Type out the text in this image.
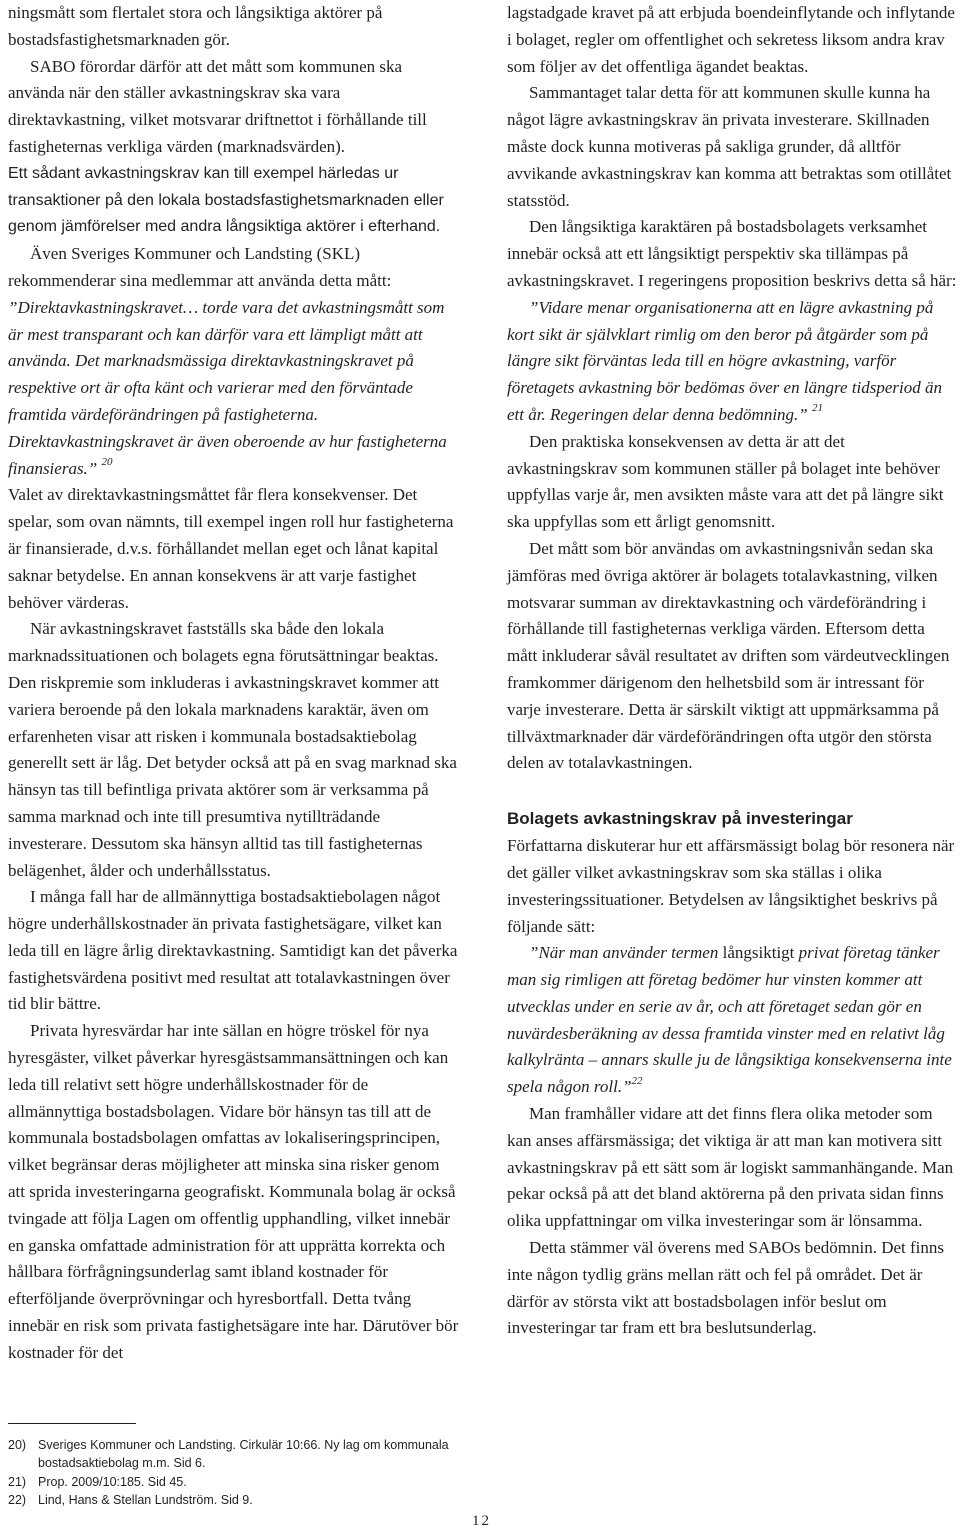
ningsmått som flertalet stora och långsiktiga aktörer på bostadsfastighetsmarknaden gör.

SABO förordar därför att det mått som kommunen ska använda när den ställer avkastningskrav ska vara direktavkastning, vilket motsvarar driftnettot i förhållande till fastigheternas verkliga värden (marknadsvärden).

Ett sådant avkastningskrav kan till exempel härledas ur transaktioner på den lokala bostadsfastighetsmarknaden eller genom jämförelser med andra långsiktiga aktörer i efterhand.

Även Sveriges Kommuner och Landsting (SKL) rekommenderar sina medlemmar att använda detta mått:

”Direktavkastningskravet… torde vara det avkastningsmått som är mest transparant och kan därför vara ett lämpligt mått att använda. Det marknadsmässiga direktavkastningskravet på respektive ort är ofta känt och varierar med den förväntade framtida värdeförändringen på fastigheterna. Direktavkastningskravet är även oberoende av hur fastigheterna finansieras.” $^{20}$

Valet av direktavkastningsmåttet får flera konsekvenser. Det spelar, som ovan nämnts, till exempel ingen roll hur fastigheterna är finansierade, d.v.s. förhållandet mellan eget och lånat kapital saknar betydelse. En annan konsekvens är att varje fastighet behöver värderas.

När avkastningskravet fastställs ska både den lokala marknadssituationen och bolagets egna förutsättningar beaktas. Den riskpremie som inkluderas i avkastningskravet kommer att variera beroende på den lokala marknadens karaktär, även om erfarenheten visar att risken i kommunala bostadsaktiebolag generellt sett är låg. Det betyder också att på en svag marknad ska hänsyn tas till befintliga privata aktörer som är verksamma på samma marknad och inte till presumtiva nytillträdande investerare. Dessutom ska hänsyn alltid tas till fastigheternas belägenhet, ålder och underhållsstatus.

I många fall har de allmännyttiga bostadsaktiebolagen något högre underhållskostnader än privata fastighetsägare, vilket kan leda till en lägre årlig direktavkastning. Samtidigt kan det påverka fastighetsvärdena positivt med resultat att totalavkastningen över tid blir bättre.

Privata hyresvärdar har inte sällan en högre tröskel för nya hyresgäster, vilket påverkar hyresgästsammansättningen och kan leda till relativt sett högre underhållskostnader för de allmännyttiga bostadsbolagen. Vidare bör hänsyn tas till att de kommunala bostadsbolagen omfattas av lokaliseringsprincipen, vilket begränsar deras möjligheter att minska sina risker genom att sprida investeringarna geografiskt. Kommunala bolag är också tvingade att följa Lagen om offentlig upphandling, vilket innebär en ganska omfattade administration för att upprätta korrekta och hållbara förfrågningsunderlag samt ibland kostnader för efterföljande överprövningar och hyresbortfall. Detta tvång innebär en risk som privata fastighetsägare inte har. Därutöver bör kostnader för det

lagstadgade kravet på att erbjuda boendeinflytande och inflytande i bolaget, regler om offentlighet och sekretess liksom andra krav som följer av det offentliga ägandet beaktas.

Sammantaget talar detta för att kommunen skulle kunna ha något lägre avkastningskrav än privata investerare. Skillnaden måste dock kunna motiveras på sakliga grunder, då alltför avvikande avkastningskrav kan komma att betraktas som otillåtet statsstöd.

Den långsiktiga karaktären på bostadsbolagets verksamhet innebär också att ett långsiktigt perspektiv ska tillämpas på avkastningskravet. I regeringens proposition beskrivs detta så här:

”Vidare menar organisationerna att en lägre avkastning på kort sikt är självklart rimlig om den beror på åtgärder som på längre sikt förväntas leda till en högre avkastning, varför företagets avkastning bör bedömas över en längre tidsperiod än ett år. Regeringen delar denna bedömning.” $^{21}$

Den praktiska konsekvensen av detta är att det avkastningskrav som kommunen ställer på bolaget inte behöver uppfyllas varje år, men avsikten måste vara att det på längre sikt ska uppfyllas som ett årligt genomsnitt.

Det mått som bör användas om avkastningsnivån sedan ska jämföras med övriga aktörer är bolagets totalavkastning, vilken motsvarar summan av direktavkastning och värdeförändring i förhållande till fastigheternas verkliga värden. Eftersom detta mått inkluderar såväl resultatet av driften som värdeutvecklingen framkommer därigenom den helhetsbild som är intressant för varje investerare. Detta är särskilt viktigt att uppmärksamma på tillväxtmarknader där värdeförändringen ofta utgör den största delen av totalavkastningen.

Bolagets avkastningskrav på investeringar

Författarna diskuterar hur ett affärsmässigt bolag bör resonera när det gäller vilket avkastningskrav som ska ställas i olika investeringssituationer. Betydelsen av långsiktighet beskrivs på följande sätt:

”När man använder termen långsiktigt privat företag tänker man sig rimligen att företag bedömer hur vinsten kommer att utvecklas under en serie av år, och att företaget sedan gör en nuvärdesberäkning av dessa framtida vinster med en relativt låg kalkylränta – annars skulle ju de långsiktiga konsekvenserna inte spela någon roll.”$^{22}$

Man framhåller vidare att det finns flera olika metoder som kan anses affärsmässiga; det viktiga är att man kan motivera sitt avkastningskrav på ett sätt som är logiskt sammanhängande. Man pekar också på att det bland aktörerna på den privata sidan finns olika uppfattningar om vilka investeringar som är lönsamma.

Detta stämmer väl överens med SABOs bedömnin. Det finns inte någon tydlig gräns mellan rätt och fel på området. Det är därför av största vikt att bostadsbolagen inför beslut om investeringar tar fram ett bra beslutsunderlag.

20) Sveriges Kommuner och Landsting. Cirkulär 10:66. Ny lag om kommunala bostadsaktiebolag m.m. Sid 6.
21) Prop. 2009/10:185. Sid 45.
22) Lind, Hans & Stellan Lundström. Sid 9.
12
